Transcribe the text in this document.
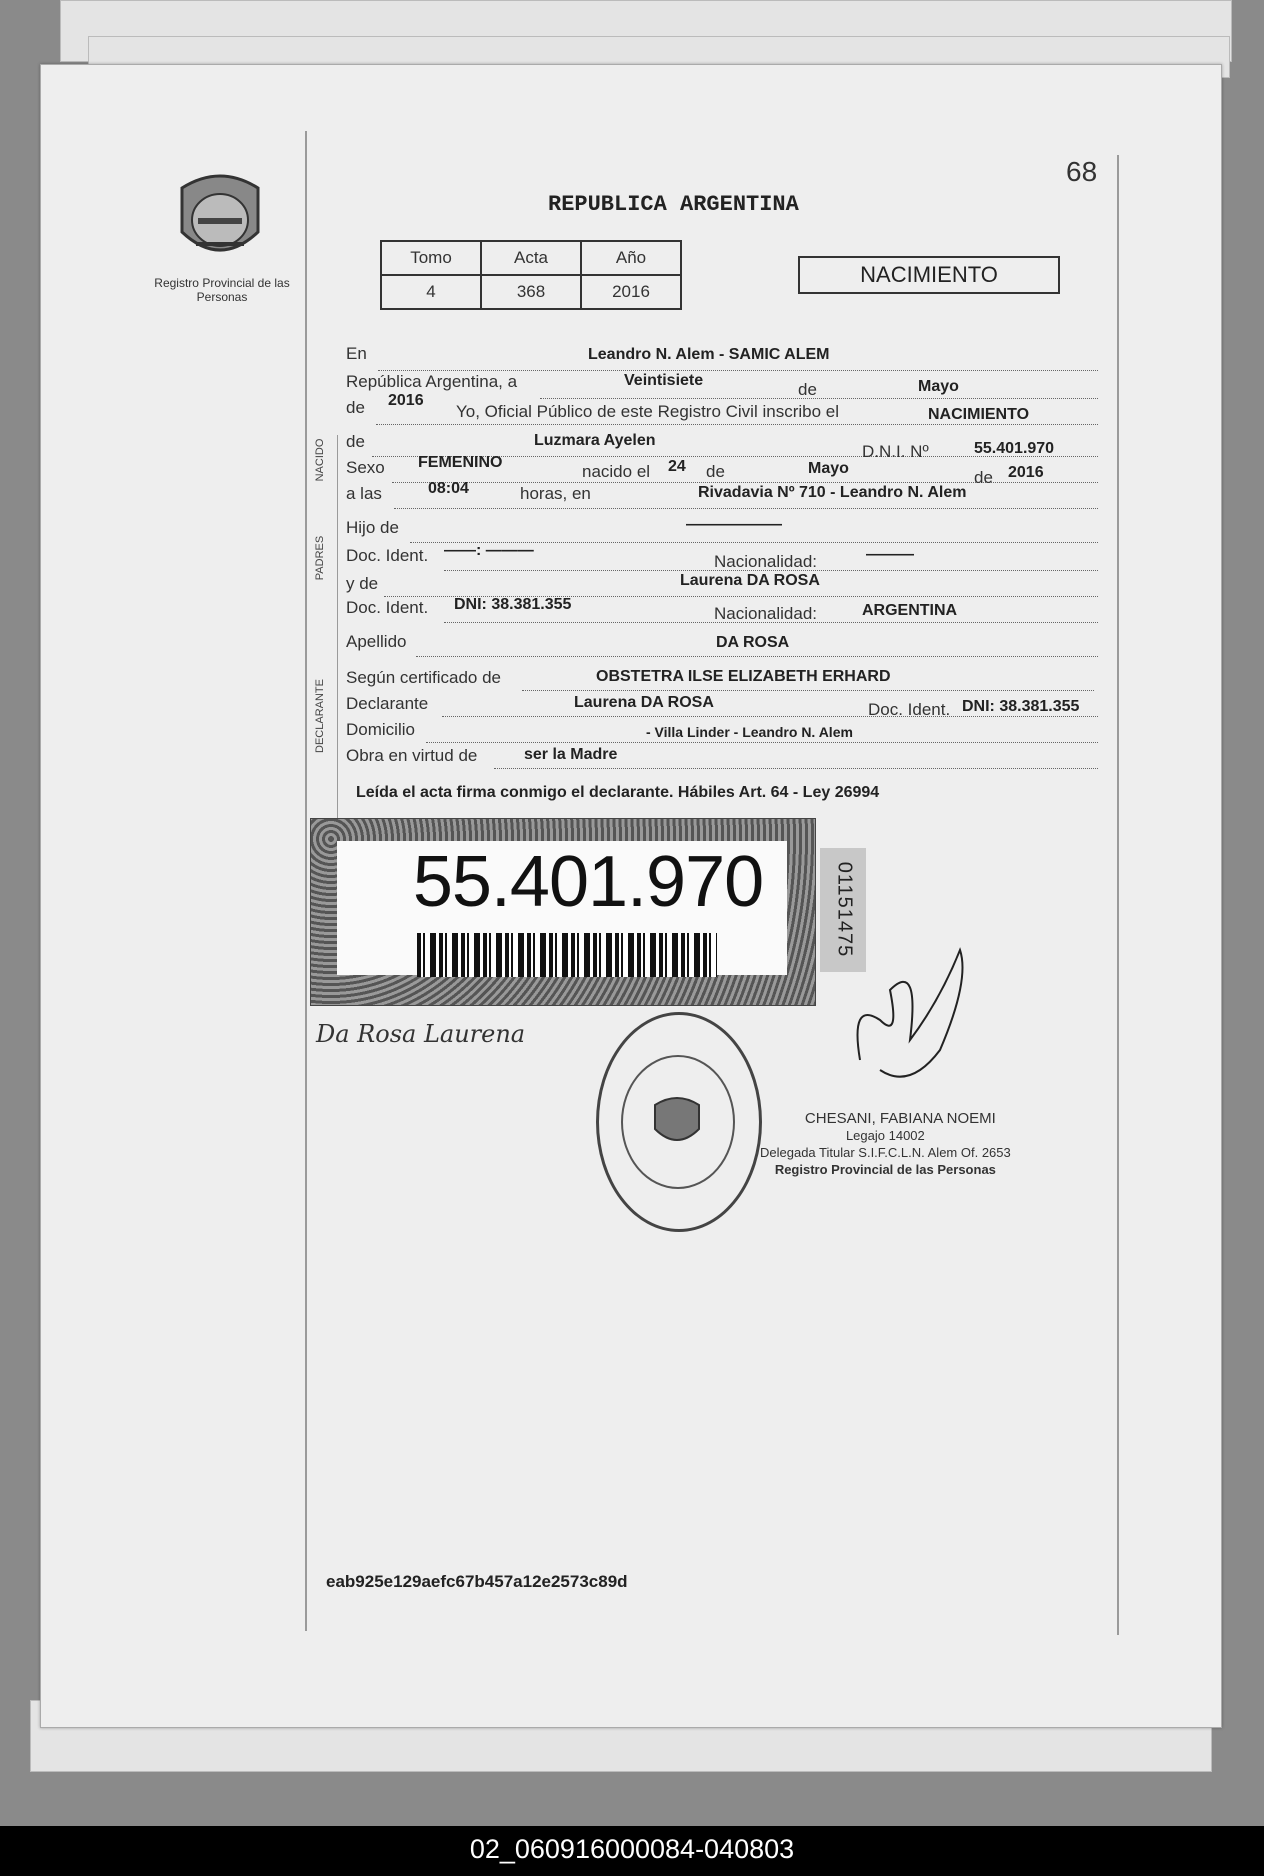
68
Registro Provincial de las Personas
REPUBLICA ARGENTINA
Tomo	Acta	Año
4	368	2016
NACIMIENTO
NACIDO
PADRES
DECLARANTE
En	Leandro N. Alem - SAMIC ALEM
República Argentina, a	Veintisiete	de	Mayo
de 2016
Yo, Oficial Público de este Registro Civil inscribo el	NACIMIENTO
de	Luzmara Ayelen
D.N.I. Nº	55.401.970
Sexo FEMENINO	nacido el 24 de	Mayo	de 2016
a las	08:04	horas, en	Rivadavia Nº 710 - Leandro N. Alem
Hijo de	——————
Doc. Ident. ——: ———
Nacionalidad:	———
y de	Laurena DA ROSA
Doc. Ident. DNI: 38.381.355	Nacionalidad:	ARGENTINA
Apellido	DA ROSA
Según certificado de	OBSTETRA ILSE ELIZABETH ERHARD
Declarante	Laurena DA ROSA	Doc. Ident. DNI: 38.381.355
Domicilio	- Villa Linder - Leandro N. Alem
Obra en virtud de	ser la Madre
Leída el acta firma conmigo el declarante. Hábiles Art. 64 - Ley 26994
55.401.970	01151475
Da Rosa Laurena
CHESANI, FABIANA NOEMI
Legajo 14002
Delegada Titular S.I.F.C.L.N. Alem Of. 2653
Registro Provincial de las Personas
eab925e129aefc67b457a12e2573c89d
02_060916000084-040803
